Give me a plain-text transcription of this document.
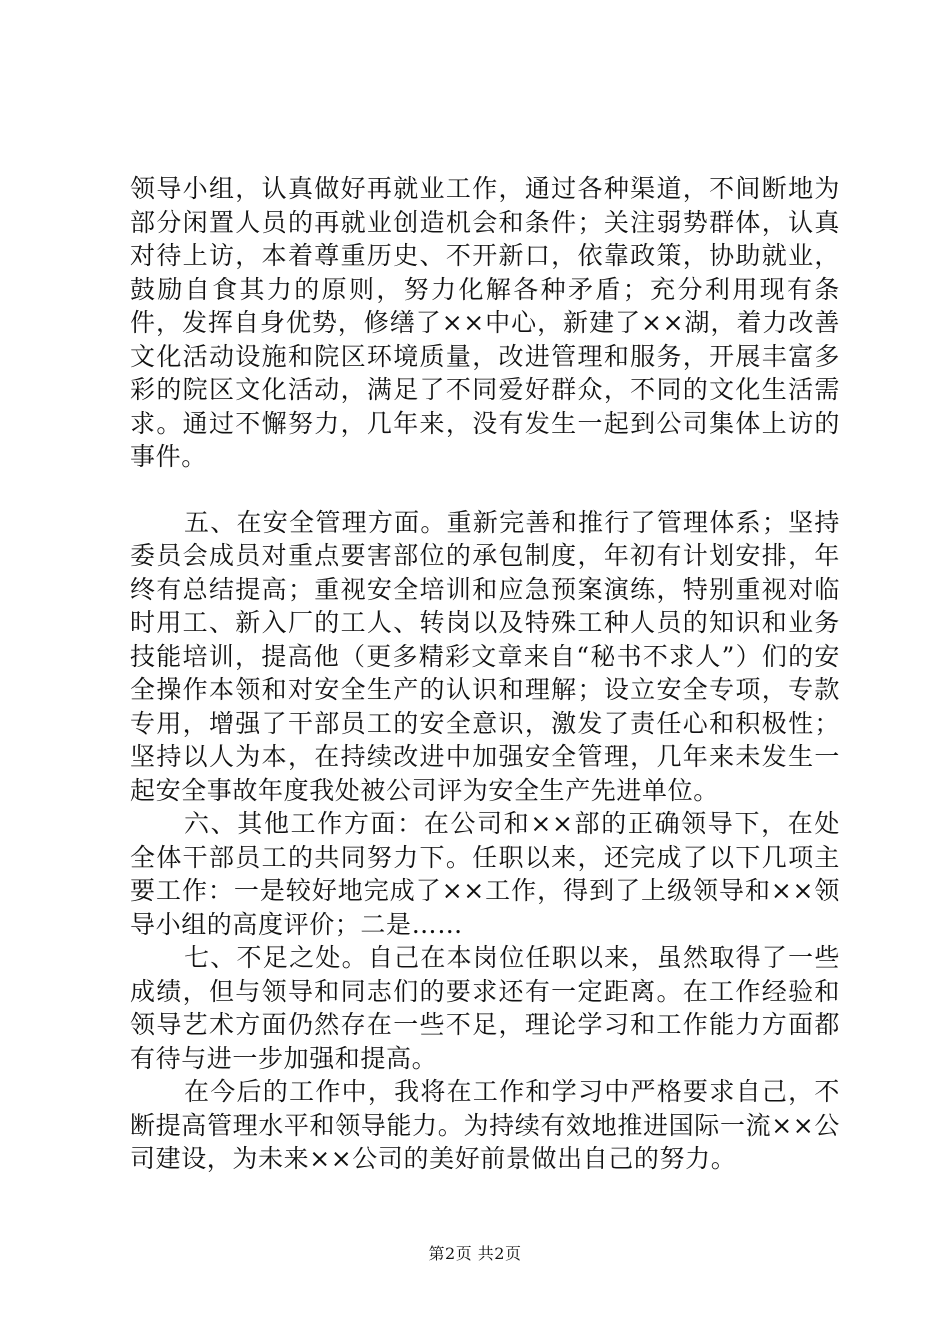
领导小组，认真做好再就业工作，通过各种渠道，不间断地为部分闲置人员的再就业创造机会和条件；关注弱势群体，认真对待上访，本着尊重历史、不开新口，依靠政策，协助就业，鼓励自食其力的原则，努力化解各种矛盾；充分利用现有条件，发挥自身优势，修缮了××中心，新建了××湖，着力改善文化活动设施和院区环境质量，改进管理和服务，开展丰富多彩的院区文化活动，满足了不同爱好群众，不同的文化生活需求。通过不懈努力，几年来，没有发生一起到公司集体上访的事件。

五、在安全管理方面。重新完善和推行了管理体系；坚持委员会成员对重点要害部位的承包制度，年初有计划安排，年终有总结提高；重视安全培训和应急预案演练，特别重视对临时用工、新入厂的工人、转岗以及特殊工种人员的知识和业务技能培训，提高他（更多精彩文章来自“秘书不求人”）们的安全操作本领和对安全生产的认识和理解；设立安全专项，专款专用，增强了干部员工的安全意识，激发了责任心和积极性；坚持以人为本，在持续改进中加强安全管理，几年来未发生一起安全事故年度我处被公司评为安全生产先进单位。

六、其他工作方面：在公司和××部的正确领导下，在处全体干部员工的共同努力下。任职以来，还完成了以下几项主要工作：一是较好地完成了××工作，得到了上级领导和××领导小组的高度评价；二是……

七、不足之处。自己在本岗位任职以来，虽然取得了一些成绩，但与领导和同志们的要求还有一定距离。在工作经验和领导艺术方面仍然存在一些不足，理论学习和工作能力方面都有待与进一步加强和提高。

在今后的工作中，我将在工作和学习中严格要求自己，不断提高管理水平和领导能力。为持续有效地推进国际一流××公司建设，为未来××公司的美好前景做出自己的努力。

第2页 共2页
